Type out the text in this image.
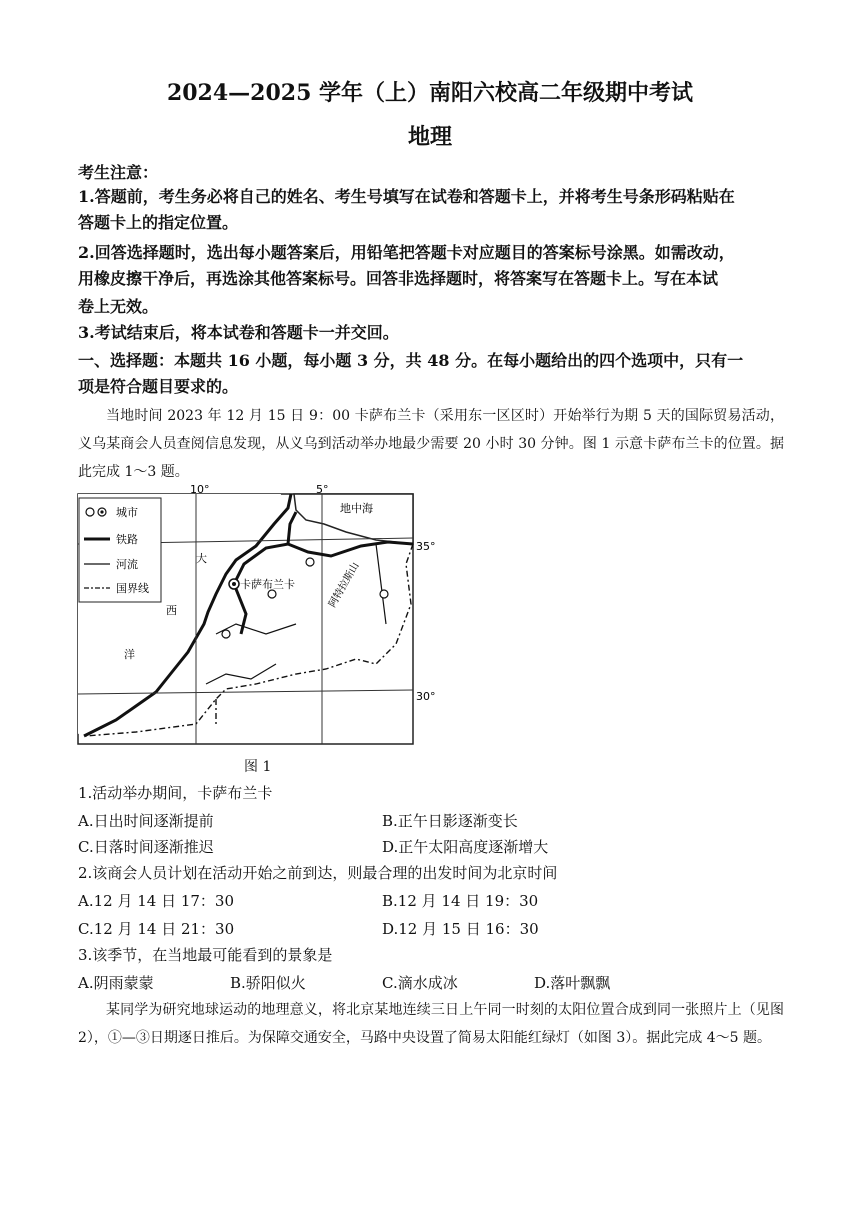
2024—2025 学年（上）南阳六校高二年级期中考试
地理
考生注意：
1.答题前，考生务必将自己的姓名、考生号填写在试卷和答题卡上，并将考生号条形码粘贴在
答题卡上的指定位置。
2.回答选择题时，选出每小题答案后，用铅笔把答题卡对应题目的答案标号涂黑。如需改动，
用橡皮擦干净后，再选涂其他答案标号。回答非选择题时，将答案写在答题卡上。写在本试
卷上无效。
3.考试结束后，将本试卷和答题卡一并交回。
一、选择题：本题共 16 小题，每小题 3 分，共 48 分。在每小题给出的四个选项中，只有一
项是符合题目要求的。
当地时间 2023 年 12 月 15 日 9：00 卡萨布兰卡（采用东一区区时）开始举行为期 5 天的国际贸易活动，义乌某商会人员查阅信息发现，从义乌到活动举办地最少需要 20 小时 30 分钟。图 1 示意卡萨布兰卡的位置。据此完成 1～3 题。
城市
铁路
河流
国界线
10°	5°
35°
30°
地中海
卡萨布兰卡
大
西
洋
阿特拉斯山
图 1
1.活动举办期间，卡萨布兰卡
A.日出时间逐渐提前	B.正午日影逐渐变长
C.日落时间逐渐推迟	D.正午太阳高度逐渐增大
2.该商会人员计划在活动开始之前到达，则最合理的出发时间为北京时间
A.12 月 14 日 17：30	B.12 月 14 日 19：30
C.12 月 14 日 21：30	D.12 月 15 日 16：30
3.该季节，在当地最可能看到的景象是
A.阴雨蒙蒙	B.骄阳似火	C.滴水成冰	D.落叶飘飘
某同学为研究地球运动的地理意义，将北京某地连续三日上午同一时刻的太阳位置合成到同一张照片上（见图 2），①—③日期逐日推后。为保障交通安全，马路中央设置了简易太阳能红绿灯（如图 3）。据此完成 4～5 题。
